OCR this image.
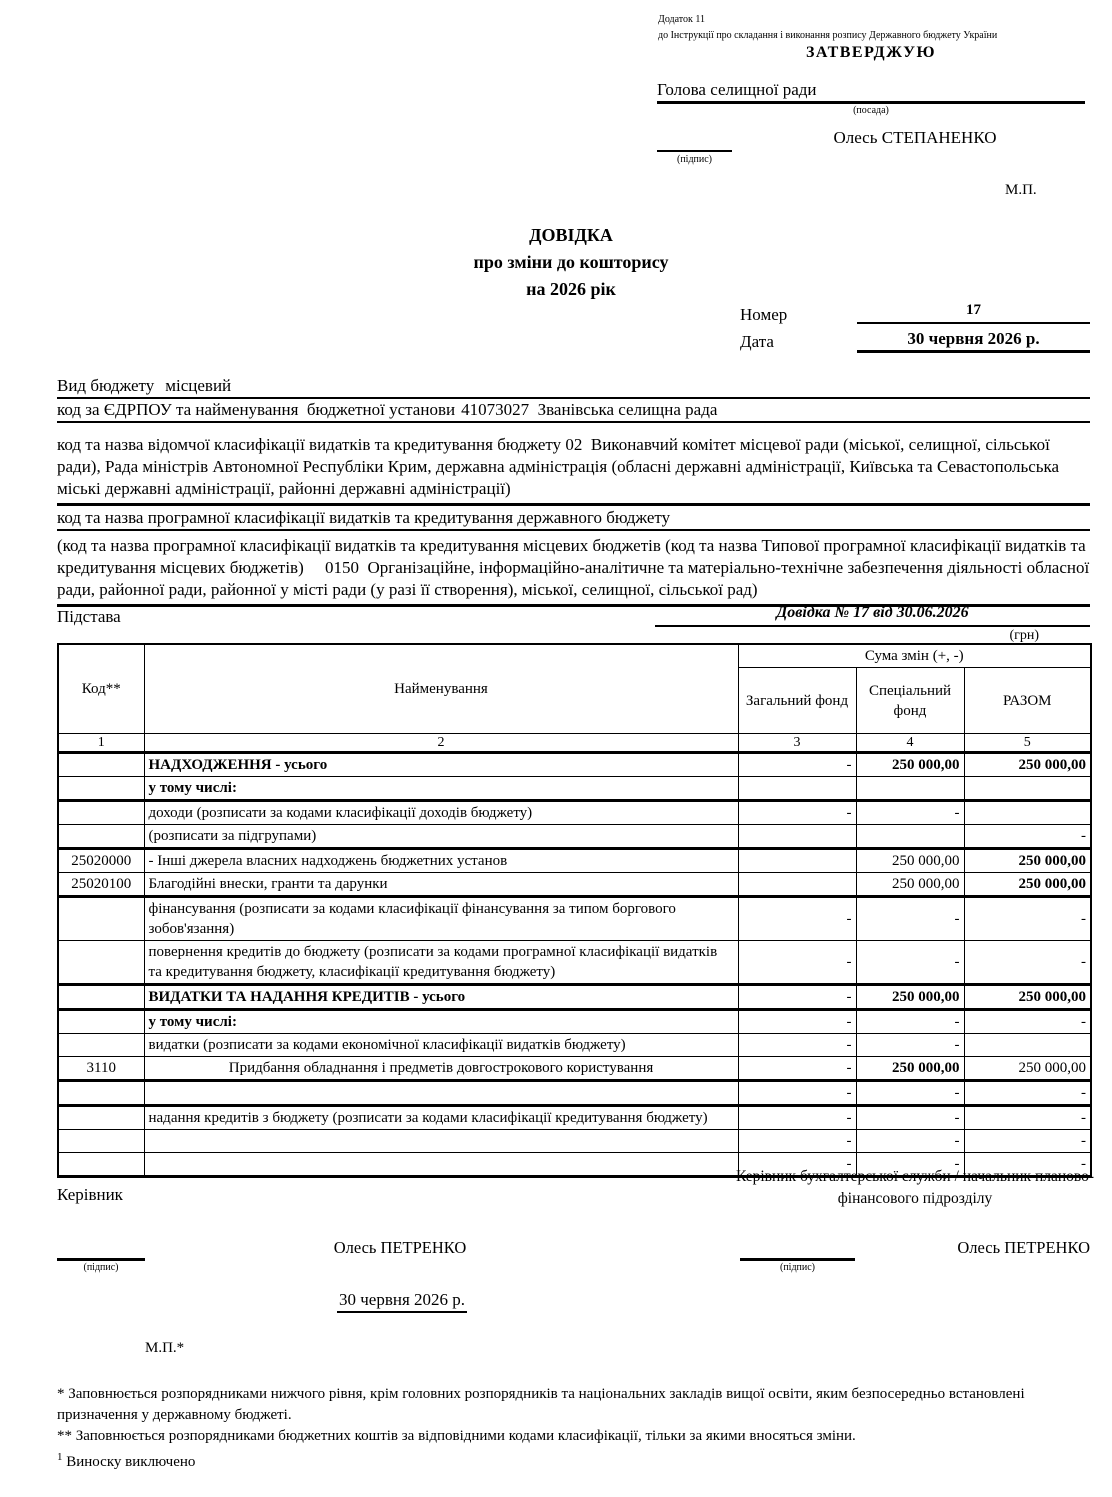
Додаток 11
до Інструкції про складання і виконання розпису Державного бюджету України
ЗАТВЕРДЖУЮ
Голова селищної ради
(посада)
Олесь СТЕПАНЕНКО
(підпис)
М.П.
ДОВІДКА
про зміни до кошторису
на 2026 рік
Номер	17
Дата	30 червня 2026 р.
Вид бюджету місцевий
код за ЄДРПОУ та найменування  бюджетної установи 41073027  Званівська селищна рада
код та назва відомчої класифікації видатків та кредитування бюджету 02  Виконавчий комітет місцевої ради (міської, селищної, сільської ради), Рада міністрів Автономної Республіки Крим, державна адміністрація (обласні державні адміністрації, Київська та Севастопольська міські державні адміністрації, районні державні адміністрації)
код та назва програмної класифікації видатків та кредитування державного бюджету
(код та назва програмної класифікації видатків та кредитування місцевих бюджетів (код та назва Типової програмної класифікації видатків та кредитування місцевих бюджетів)     0150  Організаційне, інформаційно-аналітичне та матеріально-технічне забезпечення діяльності обласної ради, районної ради, районної у місті ради (у разі її створення), міської, селищної, сільської рад)
Підстава	Довідка № 17 від 30.06.2026
(грн)
Код**	Найменування	Сума змін (+, -)		
		Загальний фонд	Спеціальний фонд	РАЗОМ
1	2	3	4	5
	НАДХОДЖЕННЯ - усього	-	250 000,00	250 000,00
	у тому числі:			
	доходи (розписати за кодами класифікації доходів бюджету)	-	-	
	(розписати за підгрупами)			-
25020000	- Інші джерела власних надходжень бюджетних установ		250 000,00	250 000,00
25020100	Благодійні внески, гранти та дарунки		250 000,00	250 000,00
	фінансування (розписати за кодами класифікації фінансування за типом боргового зобов'язання)	-	-	-
	повернення кредитів до бюджету (розписати за кодами програмної класифікації видатків та кредитування бюджету, класифікації кредитування бюджету)	-	-	-
	ВИДАТКИ ТА НАДАННЯ КРЕДИТІВ - усього	-	250 000,00	250 000,00
	у тому числі:	-	-	-
	видатки (розписати за кодами економічної класифікації видатків бюджету)	-	-	
3110	Придбання обладнання і предметів довгострокового користування	-	250 000,00	250 000,00
		-	-	-
	надання кредитів з бюджету (розписати за кодами класифікації кредитування бюджету)	-	-	-
		-	-	-
		-	-	-
Керівник
Керівник бухгалтерської служби / начальник планово-фінансового підрозділу
Олесь ПЕТРЕНКО
(підпис)
Олесь ПЕТРЕНКО
(підпис)
30 червня 2026 р.
М.П.*
* Заповнюється розпорядниками нижчого рівня, крім головних розпорядників та національних закладів вищої освіти, яким безпосередньо встановлені призначення у державному бюджеті.
** Заповнюється розпорядниками бюджетних коштів за відповідними кодами класифікації, тільки за якими вносяться зміни.
$^1$ Виноску виключено
